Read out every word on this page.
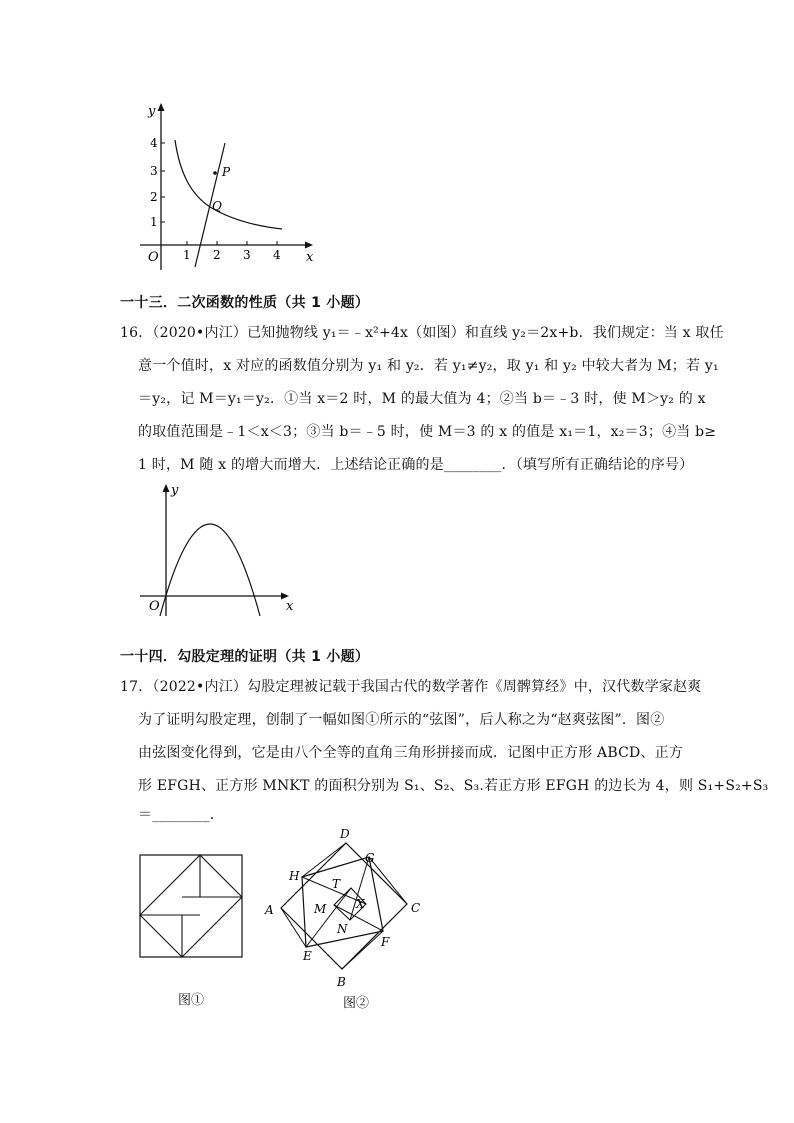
y
x
O 1 2 3 4
1
2
3
4
P
Q
一十三．二次函数的性质（共 1 小题）
16．（2020•内江）已知抛物线 y₁＝﹣x²+4x（如图）和直线 y₂＝2x+b．我们规定：当 x 取任
意一个值时，x 对应的函数值分别为 y₁ 和 y₂．若 y₁≠y₂，取 y₁ 和 y₂ 中较大者为 M；若 y₁
＝y₂，记 M＝y₁＝y₂．①当 x＝2 时，M 的最大值为 4；②当 b＝﹣3 时，使 M＞y₂ 的 x
的取值范围是﹣1＜x＜3；③当 b＝﹣5 时，使 M＝3 的 x 的值是 x₁＝1，x₂＝3；④当 b≥
1 时，M 随 x 的增大而增大．上述结论正确的是________．（填写所有正确结论的序号）
y
x
O
一十四．勾股定理的证明（共 1 小题）
17．（2022•内江）勾股定理被记载于我国古代的数学著作《周髀算经》中，汉代数学家赵爽
为了证明勾股定理，创制了一幅如图①所示的“弦图”，后人称之为“赵爽弦图”．图②
由弦图变化得到，它是由八个全等的直角三角形拼接而成．记图中正方形 ABCD、正方
形 EFGH、正方形 MNKT 的面积分别为 S₁、S₂、S₃.若正方形 EFGH 的边长为 4，则 S₁+S₂+S₃
＝________.
图①
D
G
H
T
A	M X	C
N
F
E
B
图②
